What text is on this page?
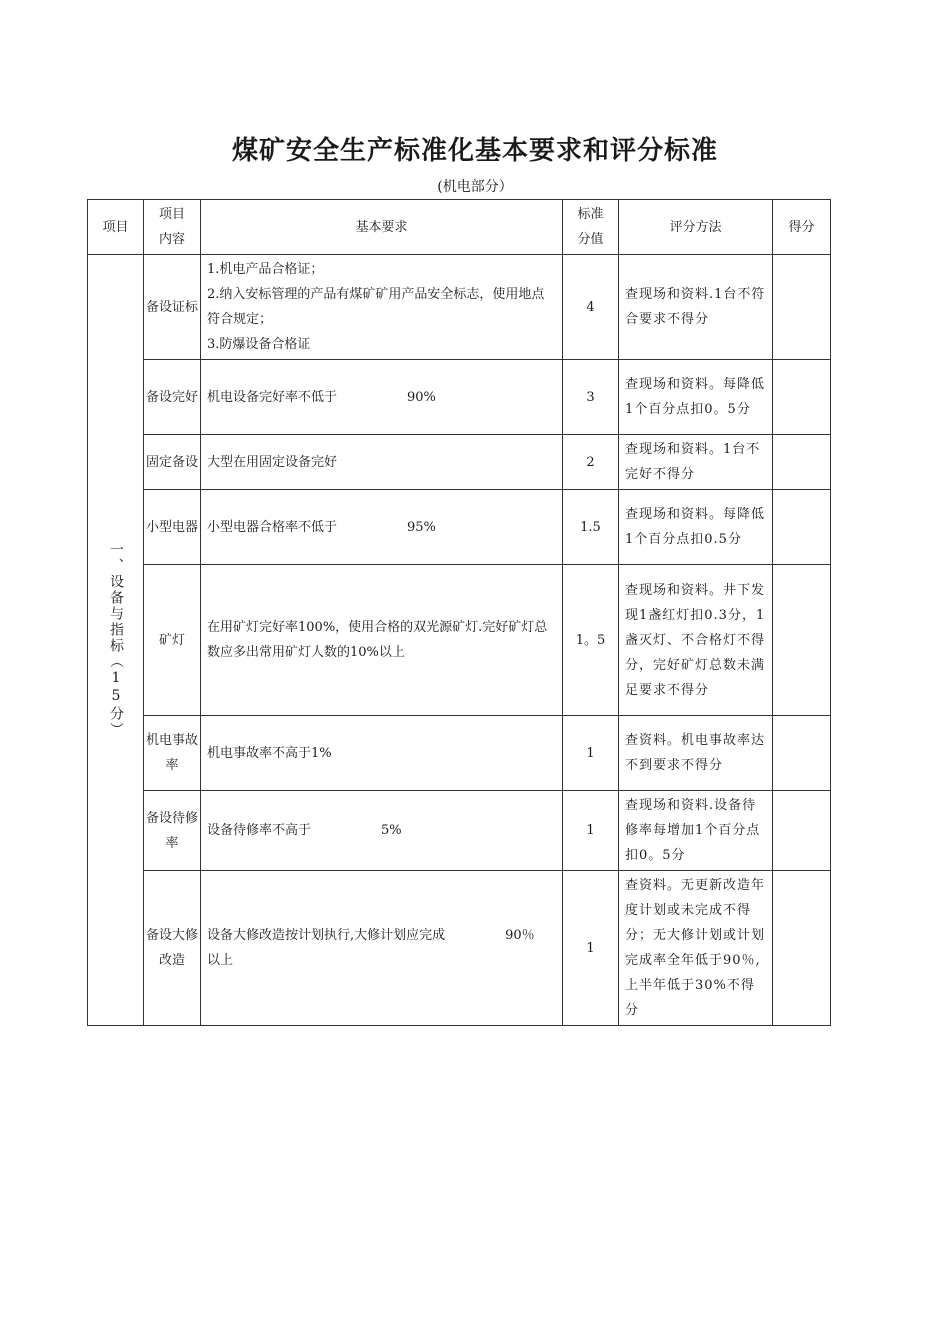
煤矿安全生产标准化基本要求和评分标准
(机电部分）
项目	项目内容	基本要求	标准分值	评分方法	得分

一、设备与指标（15分）	备设证标	1.机电产品合格证；
2.纳入安标管理的产品有煤矿矿用产品安全标志，使用地点符合规定；
3.防爆设备合格证	4	查现场和资料.1台不符合要求不得分	
	备设完好	机电设备完好率不低于 90%	3	查现场和资料。每降低1个百分点扣0。5分	
	固定备设	大型在用固定设备完好	2	查现场和资料。1台不完好不得分	
	小型电器	小型电器合格率不低于 95%	1.5	查现场和资料。每降低1个百分点扣0.5分	
	矿灯	在用矿灯完好率100%，使用合格的双光源矿灯.完好矿灯总数应多出常用矿灯人数的10%以上	1。5	查现场和资料。井下发现1盏红灯扣0.3分，1盏灭灯、不合格灯不得分，完好矿灯总数未满足要求不得分	
	机电事故率	机电事故率不高于1%	1	查资料。机电事故率达不到要求不得分	
	备设待修率	设备待修率不高于 5%	1	查现场和资料.设备待修率每增加1个百分点扣0。5分	
	备设大修改造	设备大修改造按计划执行,大修计划应完成 90％
以上	1	查资料。无更新改造年度计划或未完成不得分；无大修计划或计划完成率全年低于90％,上半年低于30%不得分	
